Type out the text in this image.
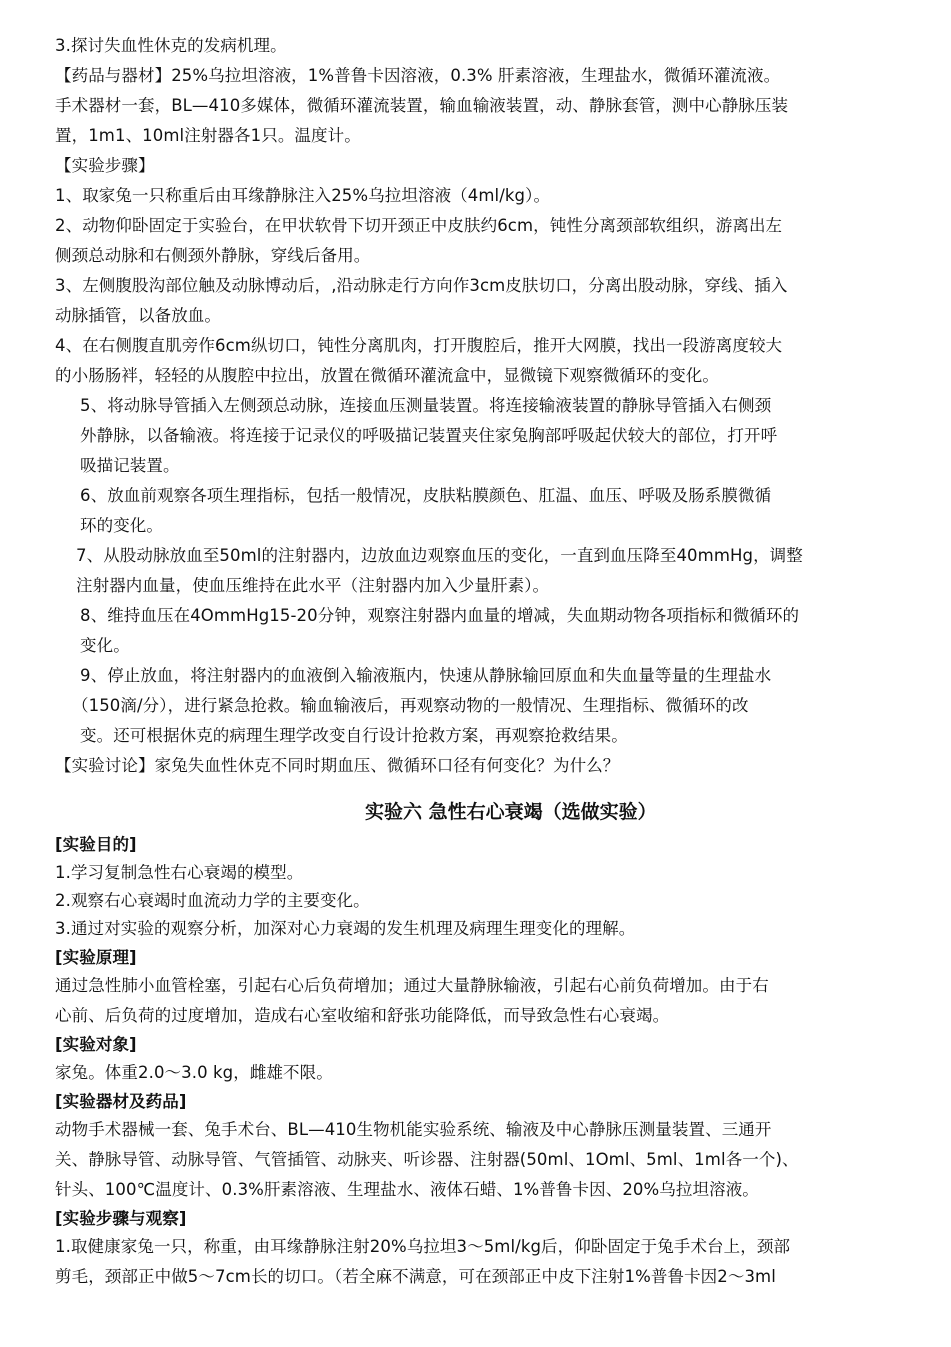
3.探讨失血性休克的发病机理。
【药品与器材】25%乌拉坦溶液，1%普鲁卡因溶液，0.3% 肝素溶液，生理盐水，微循环灌流液。
手术器材一套，BL—410多媒体，微循环灌流装置，输血输液装置，动、静脉套管，测中心静脉压装
置，1m1、10ml注射器各1只。温度计。
【实验步骤】
1、取家兔一只称重后由耳缘静脉注入25%乌拉坦溶液（4ml/kg）。
2、动物仰卧固定于实验台，在甲状软骨下切开颈正中皮肤约6cm，钝性分离颈部软组织，游离出左
侧颈总动脉和右侧颈外静脉，穿线后备用。
3、左侧腹股沟部位触及动脉博动后，,沿动脉走行方向作3cm皮肤切口，分离出股动脉，穿线、插入
动脉插管，以备放血。
4、在右侧腹直肌旁作6cm纵切口，钝性分离肌肉，打开腹腔后，推开大网膜，找出一段游离度较大
的小肠肠袢，轻轻的从腹腔中拉出，放置在微循环灌流盒中，显微镜下观察微循环的变化。
5、将动脉导管插入左侧颈总动脉，连接血压测量装置。将连接输液装置的静脉导管插入右侧颈
外静脉，以备输液。将连接于记录仪的呼吸描记装置夹住家兔胸部呼吸起伏较大的部位，打开呼
吸描记装置。
6、放血前观察各项生理指标，包括一般情况，皮肤粘膜颜色、肛温、血压、呼吸及肠系膜微循
环的变化。
7、从股动脉放血至50ml的注射器内，边放血边观察血压的变化，一直到血压降至40mmHg，调整
注射器内血量，使血压维持在此水平（注射器内加入少量肝素）。
8、维持血压在4OmmHg15-20分钟，观察注射器内血量的增减，失血期动物各项指标和微循环的
变化。
9、停止放血，将注射器内的血液倒入输液瓶内，快速从静脉输回原血和失血量等量的生理盐水
（150滴/分），进行紧急抢救。输血输液后，再观察动物的一般情况、生理指标、微循环的改
变。还可根据休克的病理生理学改变自行设计抢救方案，再观察抢救结果。
【实验讨论】家兔失血性休克不同时期血压、微循环口径有何变化？为什么？
实验六 急性右心衰竭（选做实验）
[实验目的]
1.学习复制急性右心衰竭的模型。
2.观察右心衰竭时血流动力学的主要变化。
3.通过对实验的观察分析，加深对心力衰竭的发生机理及病理生理变化的理解。
[实验原理]
通过急性肺小血管栓塞，引起右心后负荷增加；通过大量静脉输液，引起右心前负荷增加。由于右
心前、后负荷的过度增加，造成右心室收缩和舒张功能降低，而导致急性右心衰竭。
[实验对象]
家兔。体重2.0～3.0 kg，雌雄不限。
[实验器材及药品]
动物手术器械一套、兔手术台、BL—410生物机能实验系统、输液及中心静脉压测量装置、三通开
关、静脉导管、动脉导管、气管插管、动脉夹、听诊器、注射器(50ml、1Oml、5ml、1ml各一个)、
针头、100℃温度计、0.3%肝素溶液、生理盐水、液体石蜡、1%普鲁卡因、20%乌拉坦溶液。
[实验步骤与观察]
1.取健康家兔一只，称重，由耳缘静脉注射20%乌拉坦3～5ml/kg后，仰卧固定于兔手术台上，颈部
剪毛，颈部正中做5～7cm长的切口。（若全麻不满意，可在颈部正中皮下注射1%普鲁卡因2～3ml
